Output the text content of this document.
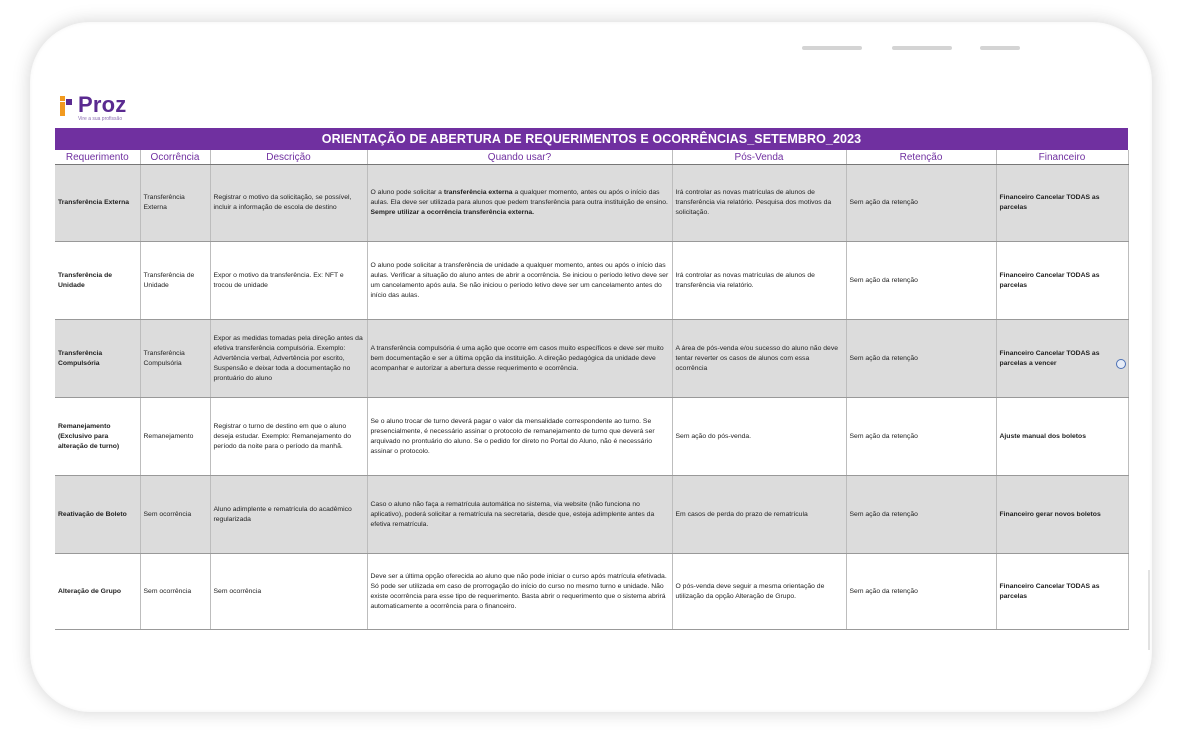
Proz
Vire a sua profissão
ORIENTAÇÃO DE ABERTURA DE REQUERIMENTOS E OCORRÊNCIAS_SETEMBRO_2023
Requerimento	Ocorrência	Descrição	Quando usar?	Pós-Venda	Retenção	Financeiro
Transferência Externa	Transferência Externa	Registrar o motivo da solicitação, se possível, incluir a informação de escola de destino	O aluno pode solicitar a transferência externa a qualquer momento, antes ou após o início das aulas. Ela deve ser utilizada para alunos que pedem transferência para outra instituição de ensino. Sempre utilizar a ocorrência transferência externa.	Irá controlar as novas matrículas de alunos de transferência via relatório. Pesquisa dos motivos da solicitação.	Sem ação da retenção	Financeiro Cancelar TODAS as parcelas
Transferência de Unidade	Transferência de Unidade	Expor o motivo da transferência. Ex: NFT e trocou de unidade	O aluno pode solicitar a transferência de unidade a qualquer momento, antes ou após o início das aulas. Verificar a situação do aluno antes de abrir a ocorrência. Se iniciou o período letivo deve ser um cancelamento após aula. Se não iniciou o período letivo deve ser um cancelamento antes do início das aulas.	Irá controlar as novas matrículas de alunos de transferência via relatório.	Sem ação da retenção	Financeiro Cancelar TODAS as parcelas
Transferência Compulsória	Transferência Compulsória	Expor as medidas tomadas pela direção antes da efetiva transferência compulsória. Exemplo: Advertência verbal, Advertência por escrito, Suspensão e deixar toda a documentação no prontuário do aluno	A transferência compulsória é uma ação que ocorre em casos muito específicos e deve ser muito bem documentação e ser a última opção da instituição. A direção pedagógica da unidade deve acompanhar e autorizar a abertura desse requerimento e ocorrência.	A área de pós-venda e/ou sucesso do aluno não deve tentar reverter os casos de alunos com essa ocorrência	Sem ação da retenção	Financeiro Cancelar TODAS as parcelas a vencer
Remanejamento (Exclusivo para alteração de turno)	Remanejamento	Registrar o turno de destino em que o aluno deseja estudar. Exemplo: Remanejamento do período da noite para o período da manhã.	Se o aluno trocar de turno deverá pagar o valor da mensalidade correspondente ao turno. Se presencialmente, é necessário assinar o protocolo de remanejamento de turno que deverá ser arquivado no prontuário do aluno. Se o pedido for direto no Portal do Aluno, não é necessário assinar o protocolo.	Sem ação do pós-venda.	Sem ação da retenção	Ajuste manual dos boletos
Reativação de Boleto	Sem ocorrência	Aluno adimplente e rematrícula do acadêmico regularizada	Caso o aluno não faça a rematrícula automática no sistema, via website (não funciona no aplicativo), poderá solicitar a rematrícula na secretaria, desde que, esteja adimplente antes da efetiva rematrícula.	Em casos de perda do prazo de rematrícula	Sem ação da retenção	Financeiro gerar novos boletos
Alteração de Grupo	Sem ocorrência	Sem ocorrência	Deve ser a última opção oferecida ao aluno que não pode iniciar o curso após matrícula efetivada. Só pode ser utilizada em caso de prorrogação do início do curso no mesmo turno e unidade. Não existe ocorrência para esse tipo de requerimento. Basta abrir o requerimento que o sistema abrirá automaticamente a ocorrência para o financeiro.	O pós-venda deve seguir a mesma orientação de utilização da opção Alteração de Grupo.	Sem ação da retenção	Financeiro Cancelar TODAS as parcelas
